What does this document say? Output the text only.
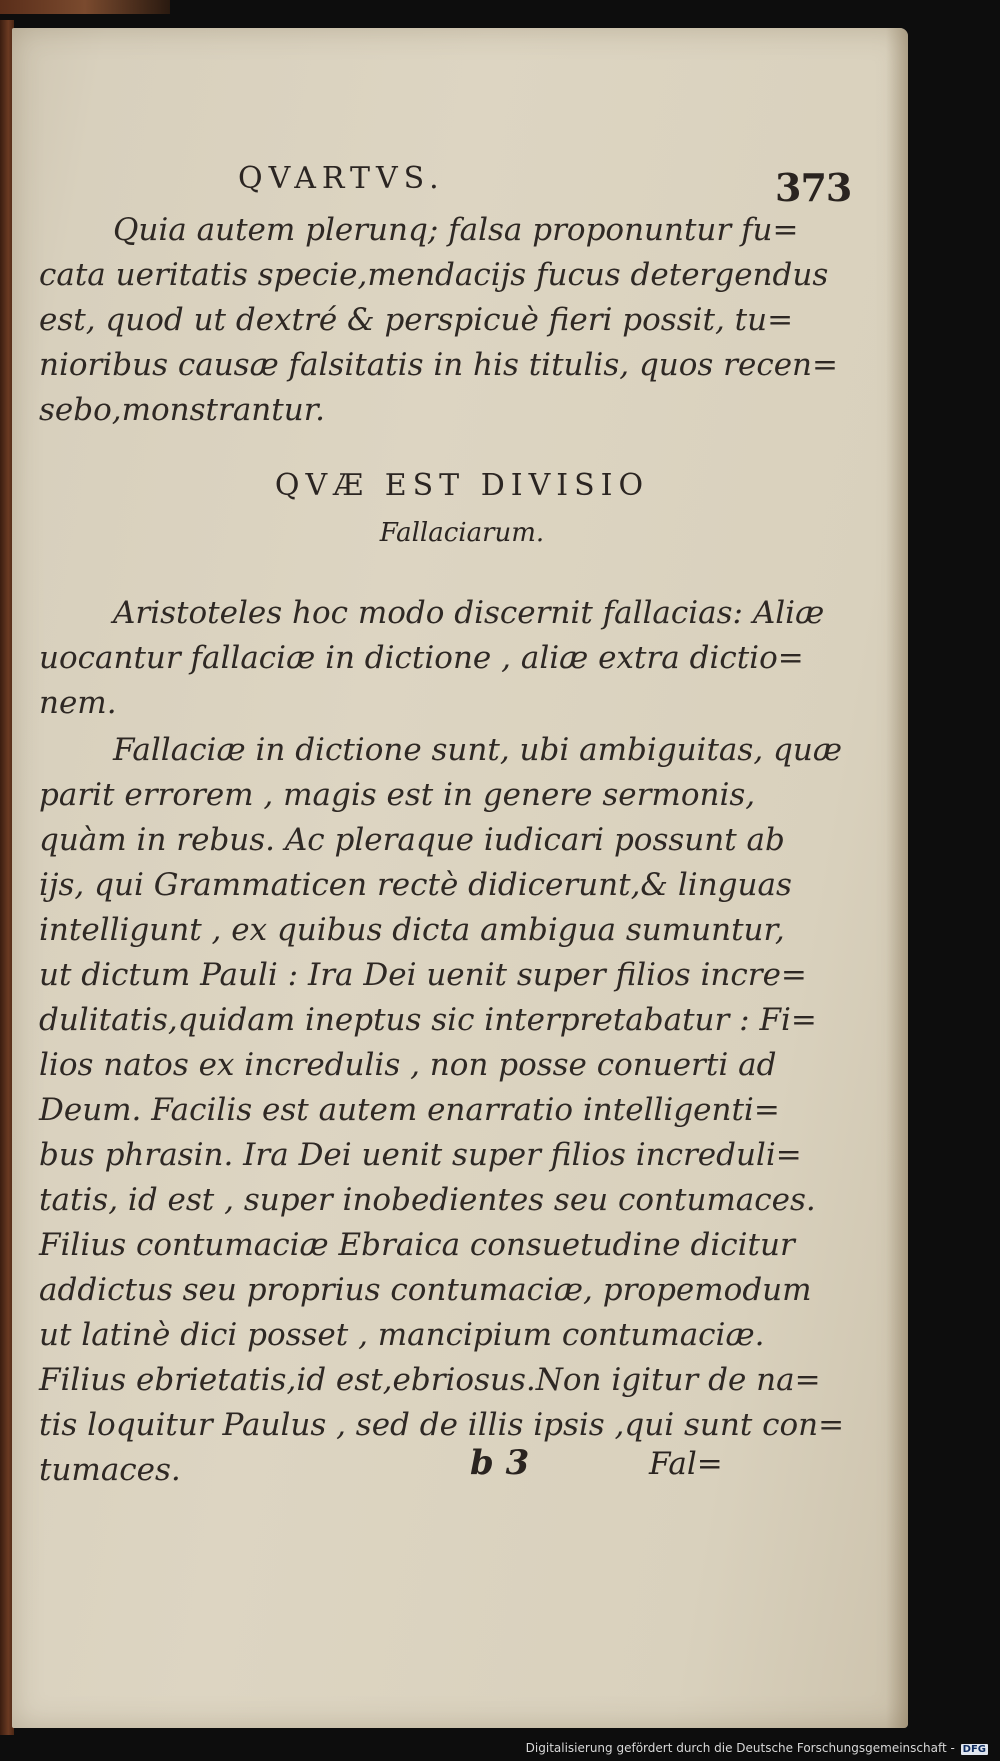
QVARTVS.	373
Quia autem plerunq; falsa proponuntur fu=
cata ueritatis specie,mendacijs fucus detergendus
est, quod ut dextré & perspicuè fieri possit, tu=
nioribus causæ falsitatis in his titulis, quos recen=
sebo,monstrantur.
QVÆ EST DIVISIO
Fallaciarum.
Aristoteles hoc modo discernit fallacias: Aliæ
uocantur fallaciæ in dictione , aliæ extra dictio=
nem.
Fallaciæ in dictione sunt, ubi ambiguitas, quæ
parit errorem , magis est in genere sermonis,
quàm in rebus. Ac pleraque iudicari possunt ab
ijs, qui Grammaticen rectè didicerunt,& linguas
intelligunt , ex quibus dicta ambigua sumuntur,
ut dictum Pauli : Ira Dei uenit super filios incre=
dulitatis,quidam ineptus sic interpretabatur : Fi=
lios natos ex incredulis , non posse conuerti ad
Deum. Facilis est autem enarratio intelligenti=
bus phrasin. Ira Dei uenit super filios increduli=
tatis, id est , super inobedientes seu contumaces.
Filius contumaciæ Ebraica consuetudine dicitur
addictus seu proprius contumaciæ, propemodum
ut latinè dici posset , mancipium contumaciæ.
Filius ebrietatis,id est,ebriosus.Non igitur de na=
tis loquitur Paulus , sed de illis ipsis ,qui sunt con=
tumaces.	b 3	Fal=
Digitalisierung gefördert durch die Deutsche Forschungsgemeinschaft - DFG
